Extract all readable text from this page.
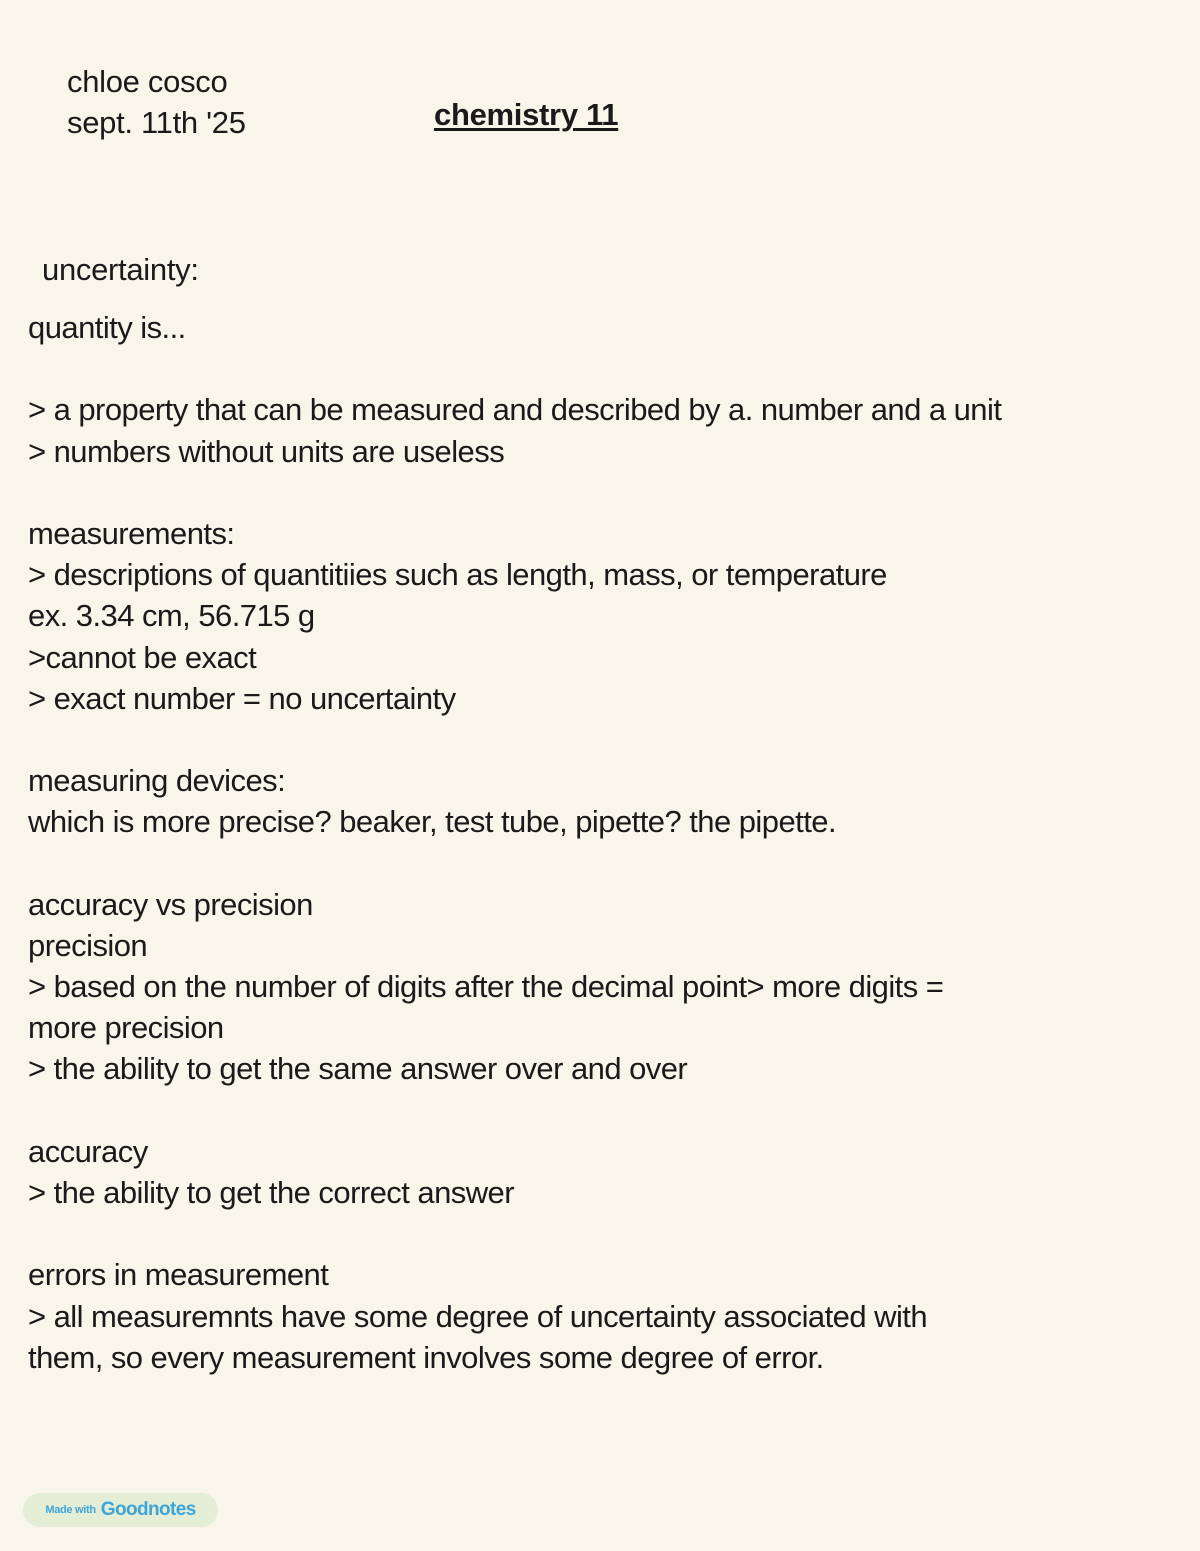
chloe cosco
sept. 11th '25	chemistry 11
uncertainty:
quantity is...
> a property that can be measured and described by a. number and a unit
> numbers without units are useless
measurements:
> descriptions of quantitiies such as length, mass, or temperature
ex. 3.34 cm, 56.715 g
>cannot be exact
> exact number = no uncertainty
measuring devices:
which is more precise? beaker, test tube, pipette? the pipette.
accuracy vs precision
precision
> based on the number of digits after the decimal point> more digits =
more precision
> the ability to get the same answer over and over
accuracy
> the ability to get the correct answer
errors in measurement
> all measuremnts have some degree of uncertainty associated with
them, so every measurement involves some degree of error.
Made with Goodnotes
